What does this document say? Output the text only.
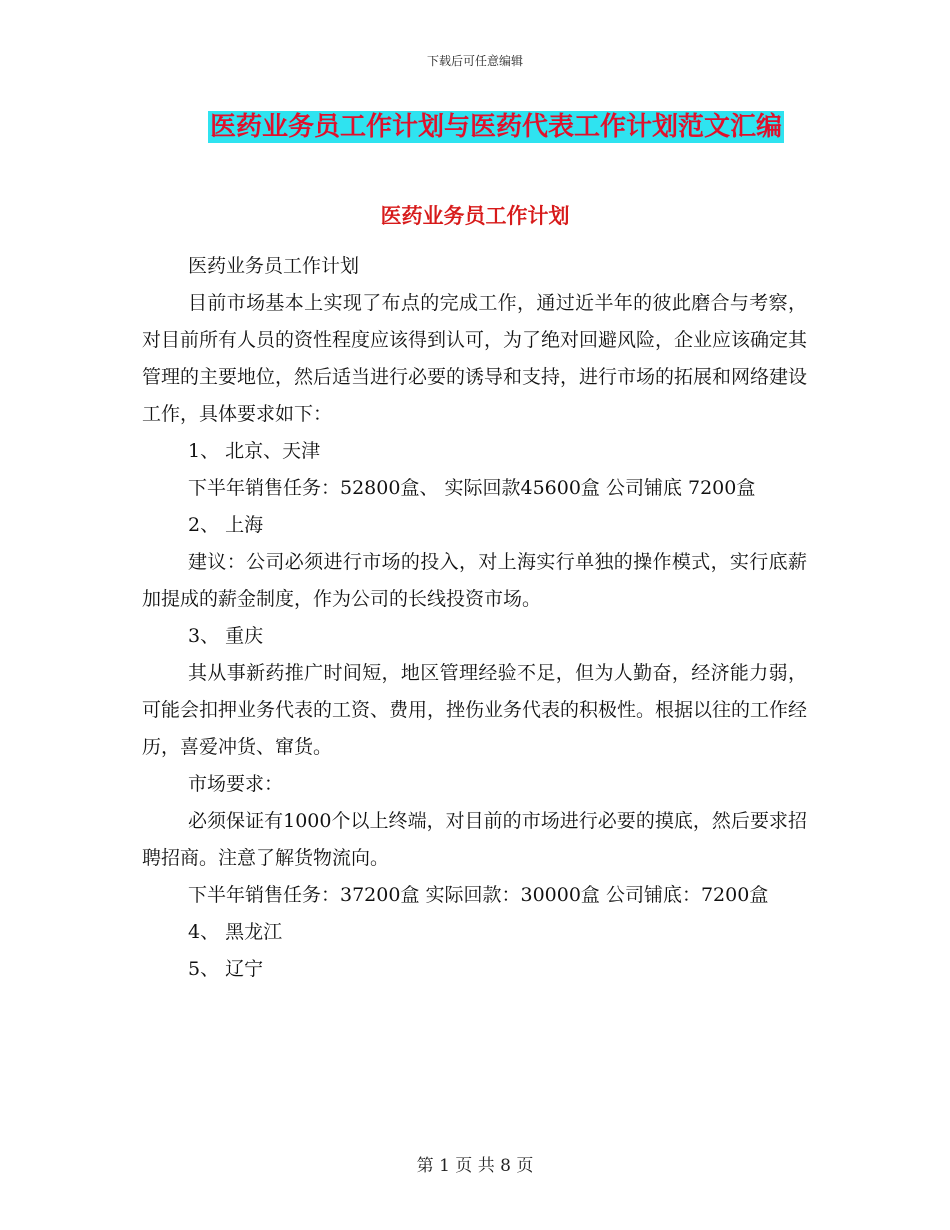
下载后可任意编辑
医药业务员工作计划与医药代表工作计划范文汇编
医药业务员工作计划

医药业务员工作计划

目前市场基本上实现了布点的完成工作，通过近半年的彼此磨合与考察，对目前所有人员的资性程度应该得到认可，为了绝对回避风险，企业应该确定其管理的主要地位，然后适当进行必要的诱导和支持，进行市场的拓展和网络建设工作，具体要求如下：

1、 北京、天津

下半年销售任务：52800盒、 实际回款45600盒 公司铺底 7200盒

2、 上海

建议：公司必须进行市场的投入，对上海实行单独的操作模式，实行底薪加提成的薪金制度，作为公司的长线投资市场。

3、 重庆

其从事新药推广时间短，地区管理经验不足，但为人勤奋，经济能力弱，可能会扣押业务代表的工资、费用，挫伤业务代表的积极性。根据以往的工作经历，喜爱冲货、窜货。

市场要求：

必须保证有1000个以上终端，对目前的市场进行必要的摸底，然后要求招聘招商。注意了解货物流向。

下半年销售任务：37200盒 实际回款：30000盒 公司铺底：7200盒

4、 黑龙江

5、 辽宁

第 1 页 共 8 页
